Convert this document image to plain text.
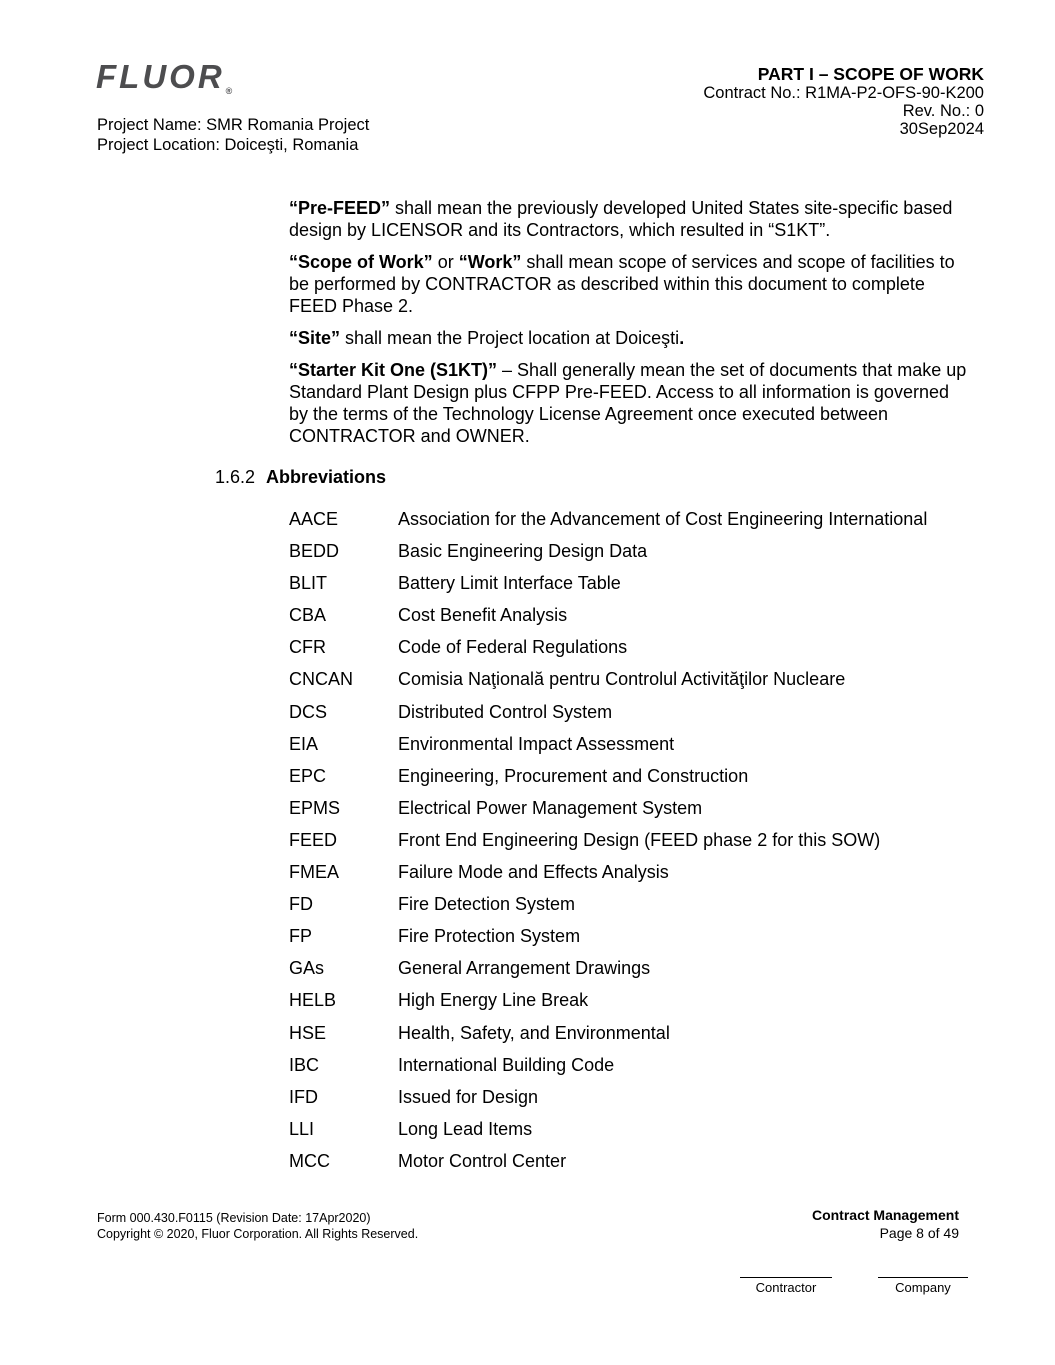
FLUOR®
Project Name: SMR Romania Project
Project Location: Doiceşti, Romania
PART I – SCOPE OF WORK
Contract No.: R1MA-P2-OFS-90-K200
Rev. No.: 0
30Sep2024

“Pre-FEED” shall mean the previously developed United States site-specific based design by LICENSOR and its Contractors, which resulted in “S1KT”.

“Scope of Work” or “Work” shall mean scope of services and scope of facilities to be performed by CONTRACTOR as described within this document to complete FEED Phase 2.

“Site” shall mean the Project location at Doiceşti.

“Starter Kit One (S1KT)” – Shall generally mean the set of documents that make up Standard Plant Design plus CFPP Pre-FEED. Access to all information is governed by the terms of the Technology License Agreement once executed between CONTRACTOR and OWNER.

1.6.2 Abbreviations
AACE	Association for the Advancement of Cost Engineering International
BEDD	Basic Engineering Design Data
BLIT	Battery Limit Interface Table
CBA	Cost Benefit Analysis
CFR	Code of Federal Regulations
CNCAN	Comisia Naţională pentru Controlul Activităţilor Nucleare
DCS	Distributed Control System
EIA	Environmental Impact Assessment
EPC	Engineering, Procurement and Construction
EPMS	Electrical Power Management System
FEED	Front End Engineering Design (FEED phase 2 for this SOW)
FMEA	Failure Mode and Effects Analysis
FD	Fire Detection System
FP	Fire Protection System
GAs	General Arrangement Drawings
HELB	High Energy Line Break
HSE	Health, Safety, and Environmental
IBC	International Building Code
IFD	Issued for Design
LLI	Long Lead Items
MCC	Motor Control Center
Form 000.430.F0115 (Revision Date: 17Apr2020)
Copyright © 2020, Fluor Corporation. All Rights Reserved.
Contract Management
Page 8 of 49
Contractor	Company
